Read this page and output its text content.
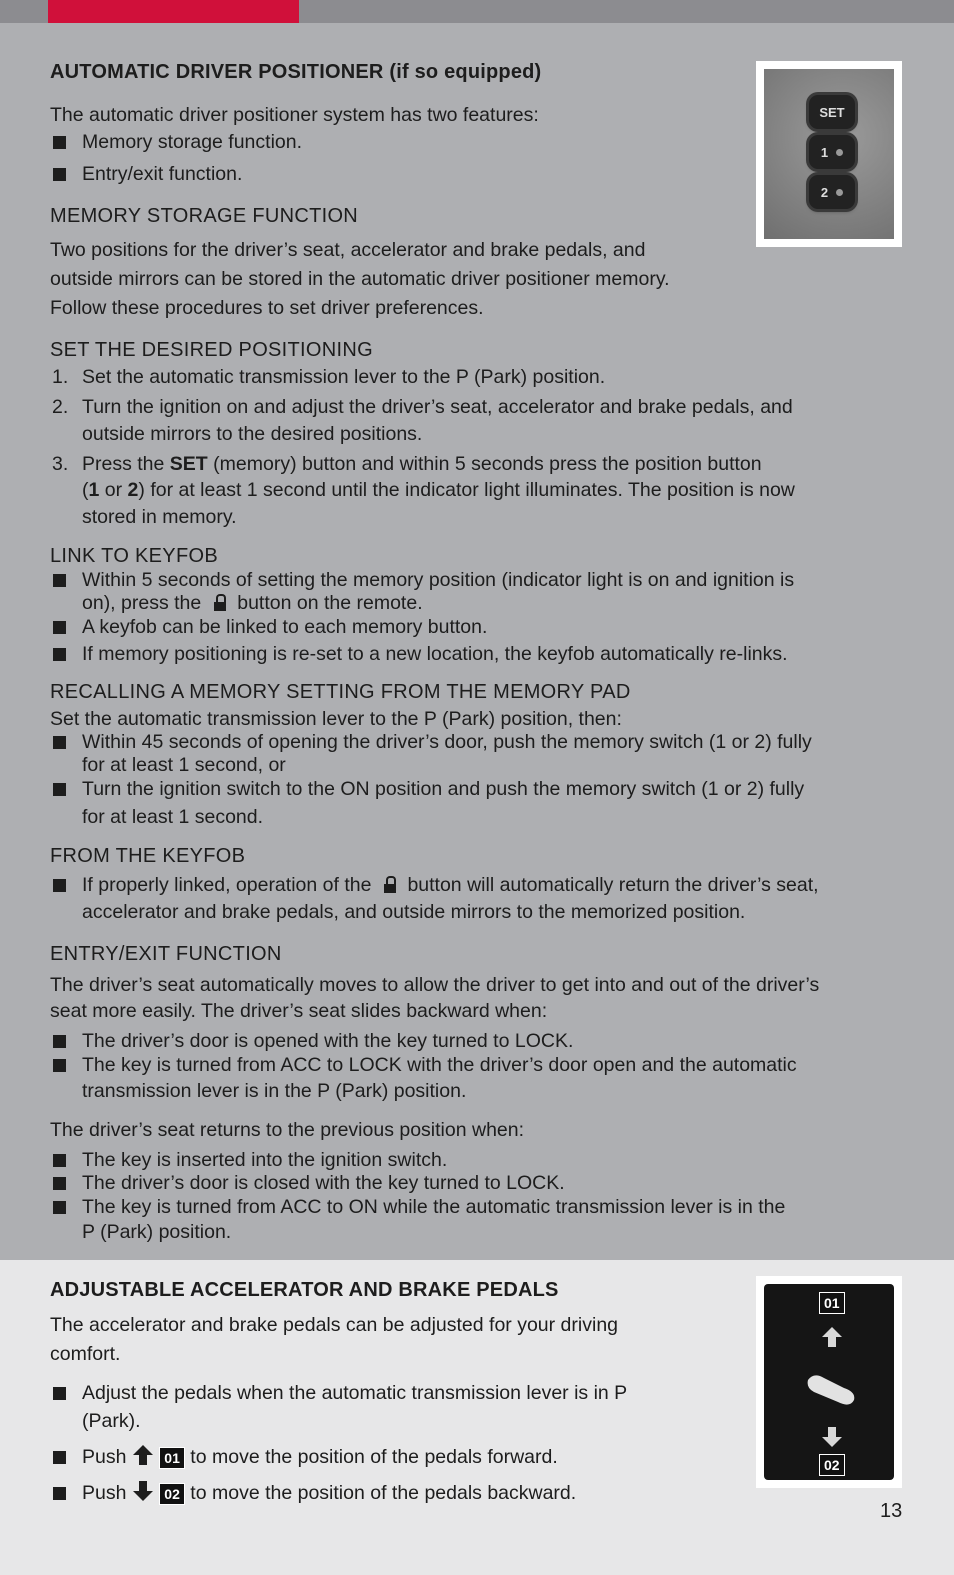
AUTOMATIC DRIVER POSITIONER (if so equipped)
The automatic driver positioner system has two features:
Memory storage function.
Entry/exit function.
MEMORY STORAGE FUNCTION
Two positions for the driver’s seat, accelerator and brake pedals, and
outside mirrors can be stored in the automatic driver positioner memory.
Follow these procedures to set driver preferences.
SET THE DESIRED POSITIONING
1. Set the automatic transmission lever to the P (Park) position.
2. Turn the ignition on and adjust the driver’s seat, accelerator and brake pedals, and
outside mirrors to the desired positions.
3. Press the SET (memory) button and within 5 seconds press the position button
(1 or 2) for at least 1 second until the indicator light illuminates. The position is now
stored in memory.
LINK TO KEYFOB
Within 5 seconds of setting the memory position (indicator light is on and ignition is
on), press the button on the remote.
A keyfob can be linked to each memory button.
If memory positioning is re-set to a new location, the keyfob automatically re-links.
RECALLING A MEMORY SETTING FROM THE MEMORY PAD
Set the automatic transmission lever to the P (Park) position, then:
Within 45 seconds of opening the driver’s door, push the memory switch (1 or 2) fully
for at least 1 second, or
Turn the ignition switch to the ON position and push the memory switch (1 or 2) fully
for at least 1 second.
FROM THE KEYFOB
If properly linked, operation of the button will automatically return the driver’s seat,
accelerator and brake pedals, and outside mirrors to the memorized position.
ENTRY/EXIT FUNCTION
The driver’s seat automatically moves to allow the driver to get into and out of the driver’s
seat more easily. The driver’s seat slides backward when:
The driver’s door is opened with the key turned to LOCK.
The key is turned from ACC to LOCK with the driver’s door open and the automatic
transmission lever is in the P (Park) position.
The driver’s seat returns to the previous position when:
The key is inserted into the ignition switch.
The driver’s door is closed with the key turned to LOCK.
The key is turned from ACC to ON while the automatic transmission lever is in the
P (Park) position.
SET
1
2
ADJUSTABLE ACCELERATOR AND BRAKE PEDALS
The accelerator and brake pedals can be adjusted for your driving
comfort.
Adjust the pedals when the automatic transmission lever is in P
(Park).
Push	01 to move the position of the pedals forward.
Push	02 to move the position of the pedals backward.
01
02
13
